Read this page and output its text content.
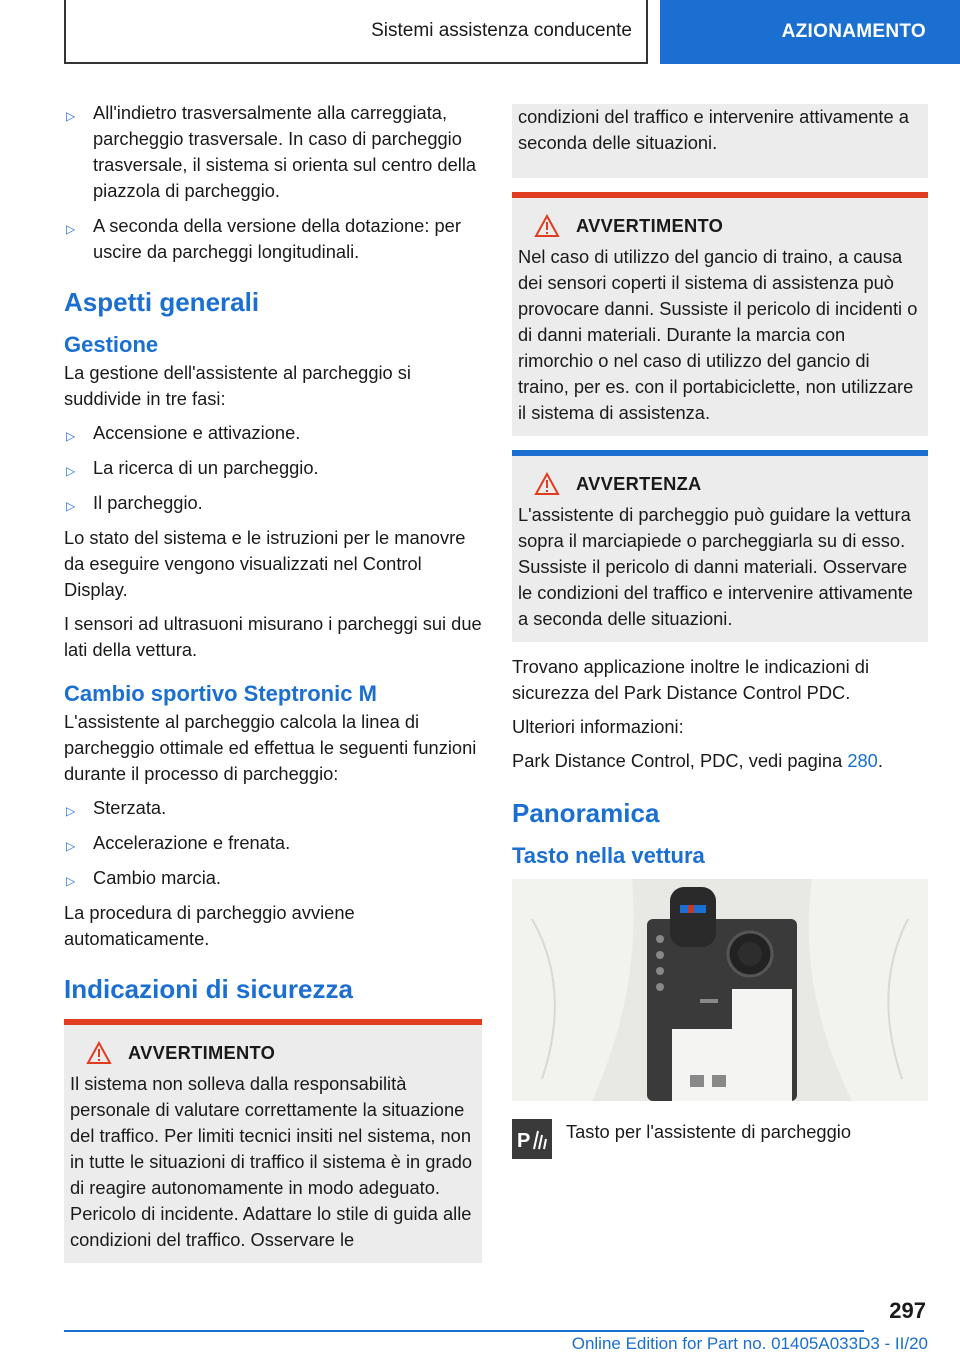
Sistemi assistenza conducente	AZIONAMENTO
▷ All'indietro trasversalmente alla carreggiata, parcheggio trasversale. In caso di parcheggio trasversale, il sistema si orienta sul centro della piazzola di parcheggio.
▷ A seconda della versione della dotazione: per uscire da parcheggi longitudinali.
Aspetti generali
Gestione

La gestione dell'assistente al parcheggio si suddivide in tre fasi:

▷ Accensione e attivazione.
▷ La ricerca di un parcheggio.
▷ Il parcheggio.

Lo stato del sistema e le istruzioni per le manovre da eseguire vengono visualizzati nel Control Display.

I sensori ad ultrasuoni misurano i parcheggi sui due lati della vettura.

Cambio sportivo Steptronic M

L'assistente al parcheggio calcola la linea di parcheggio ottimale ed effettua le seguenti funzioni durante il processo di parcheggio:

▷ Sterzata.
▷ Accelerazione e frenata.
▷ Cambio marcia.

La procedura di parcheggio avviene automaticamente.

Indicazioni di sicurezza
AVVERTIMENTO

Il sistema non solleva dalla responsabilità personale di valutare correttamente la situazione del traffico. Per limiti tecnici insiti nel sistema, non in tutte le situazioni di traffico il sistema è in grado di reagire autonomamente in modo adeguato. Pericolo di incidente. Adattare lo stile di guida alle condizioni del traffico. Osservare le

condizioni del traffico e intervenire attivamente a seconda delle situazioni.

AVVERTIMENTO

Nel caso di utilizzo del gancio di traino, a causa dei sensori coperti il sistema di assistenza può provocare danni. Sussiste il pericolo di incidenti o di danni materiali. Durante la marcia con rimorchio o nel caso di utilizzo del gancio di traino, per es. con il portabiciclette, non utilizzare il sistema di assistenza.

AVVERTENZA

L'assistente di parcheggio può guidare la vettura sopra il marciapiede o parcheggiarla su di esso. Sussiste il pericolo di danni materiali. Osservare le condizioni del traffico e intervenire attivamente a seconda delle situazioni.

Trovano applicazione inoltre le indicazioni di sicurezza del Park Distance Control PDC.

Ulteriori informazioni:

Park Distance Control, PDC, vedi pagina 280.

Panoramica
Tasto nella vettura
P Tasto per l'assistente di parcheggio
297
Online Edition for Part no. 01405A033D3 - II/20
